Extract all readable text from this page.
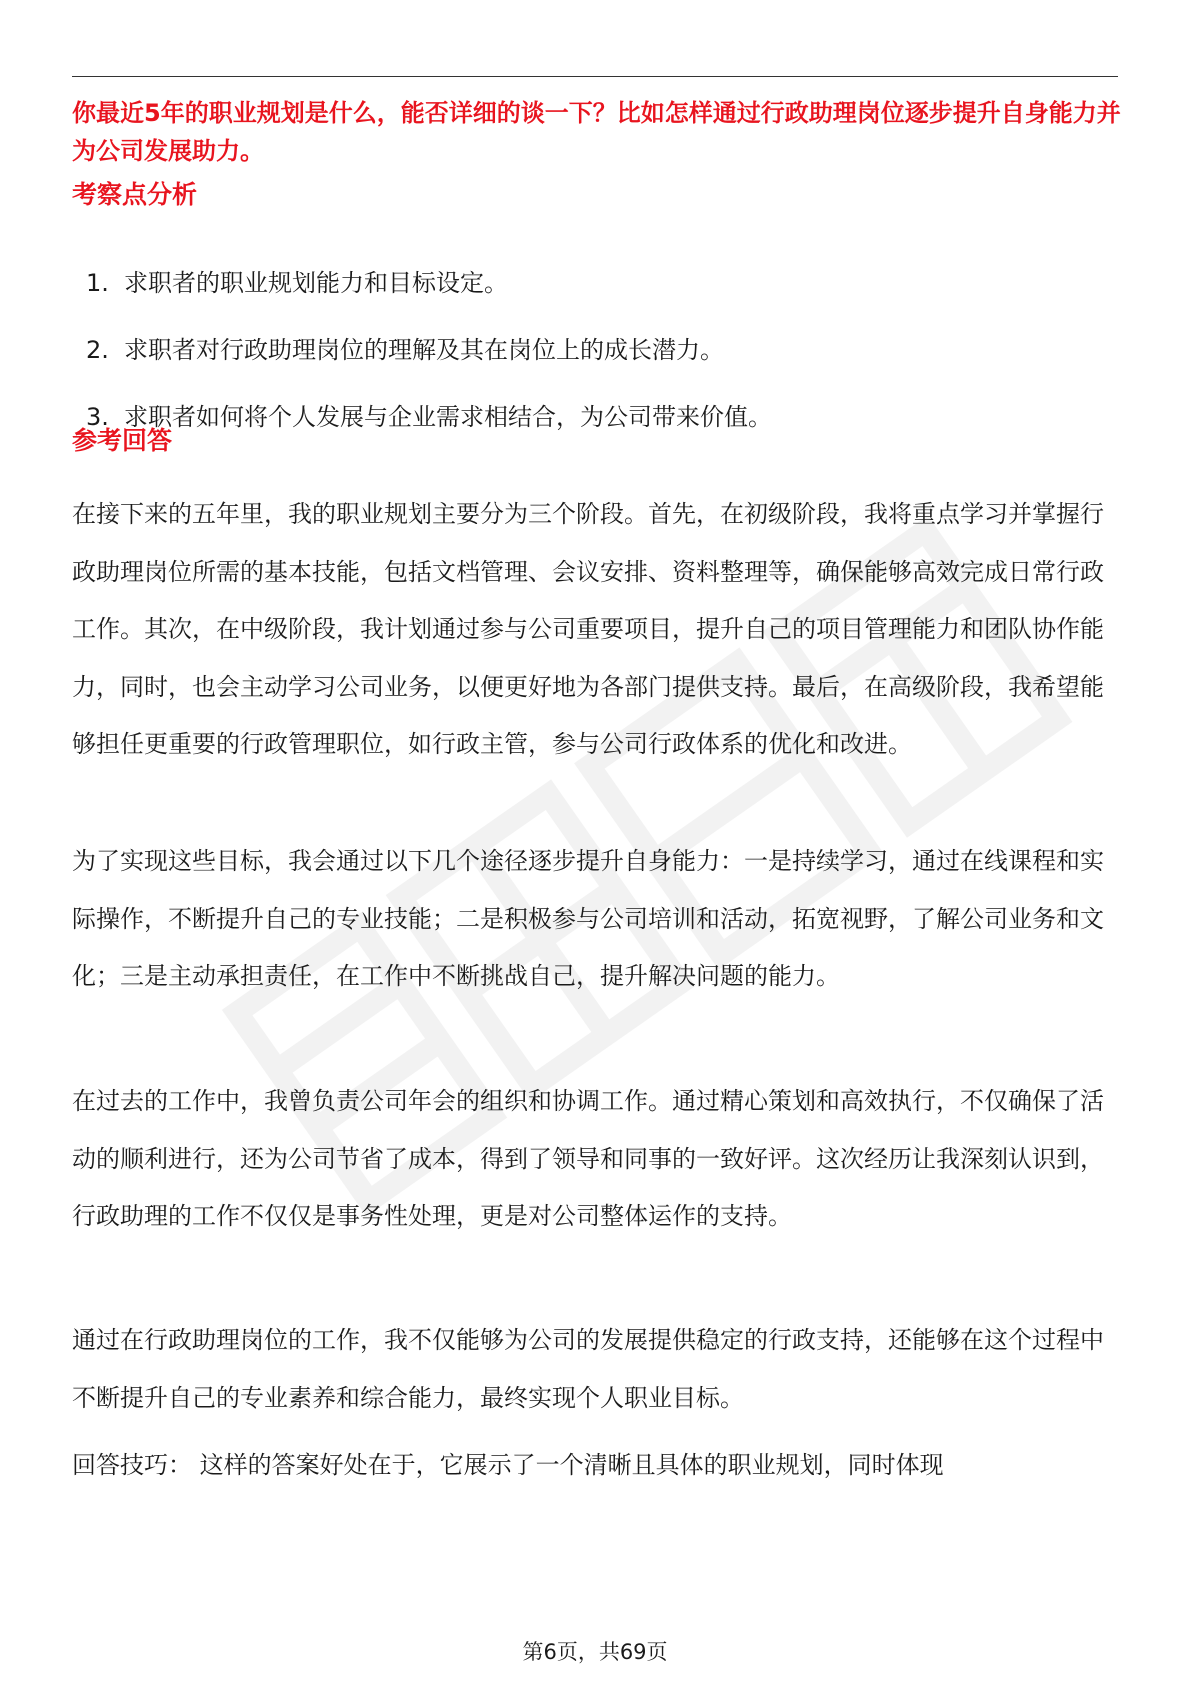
你最近5年的职业规划是什么，能否详细的谈一下？比如怎样通过行政助理岗位逐步提升自身能力并为公司发展助力。

考察点分析
1. 求职者的职业规划能力和目标设定。
2. 求职者对行政助理岗位的理解及其在岗位上的成长潜力。
3. 求职者如何将个人发展与企业需求相结合，为公司带来价值。
参考回答

在接下来的五年里，我的职业规划主要分为三个阶段。首先，在初级阶段，我将重点学习并掌握行政助理岗位所需的基本技能，包括文档管理、会议安排、资料整理等，确保能够高效完成日常行政工作。其次，在中级阶段，我计划通过参与公司重要项目，提升自己的项目管理能力和团队协作能力，同时，也会主动学习公司业务，以便更好地为各部门提供支持。最后，在高级阶段，我希望能够担任更重要的行政管理职位，如行政主管，参与公司行政体系的优化和改进。

为了实现这些目标，我会通过以下几个途径逐步提升自身能力：一是持续学习，通过在线课程和实际操作，不断提升自己的专业技能；二是积极参与公司培训和活动，拓宽视野，了解公司业务和文化；三是主动承担责任，在工作中不断挑战自己，提升解决问题的能力。

在过去的工作中，我曾负责公司年会的组织和协调工作。通过精心策划和高效执行，不仅确保了活动的顺利进行，还为公司节省了成本，得到了领导和同事的一致好评。这次经历让我深刻认识到，行政助理的工作不仅仅是事务性处理，更是对公司整体运作的支持。

通过在行政助理岗位的工作，我不仅能够为公司的发展提供稳定的行政支持，还能够在这个过程中不断提升自己的专业素养和综合能力，最终实现个人职业目标。

回答技巧： 这样的答案好处在于，它展示了一个清晰且具体的职业规划，同时体现

第6页，共69页
